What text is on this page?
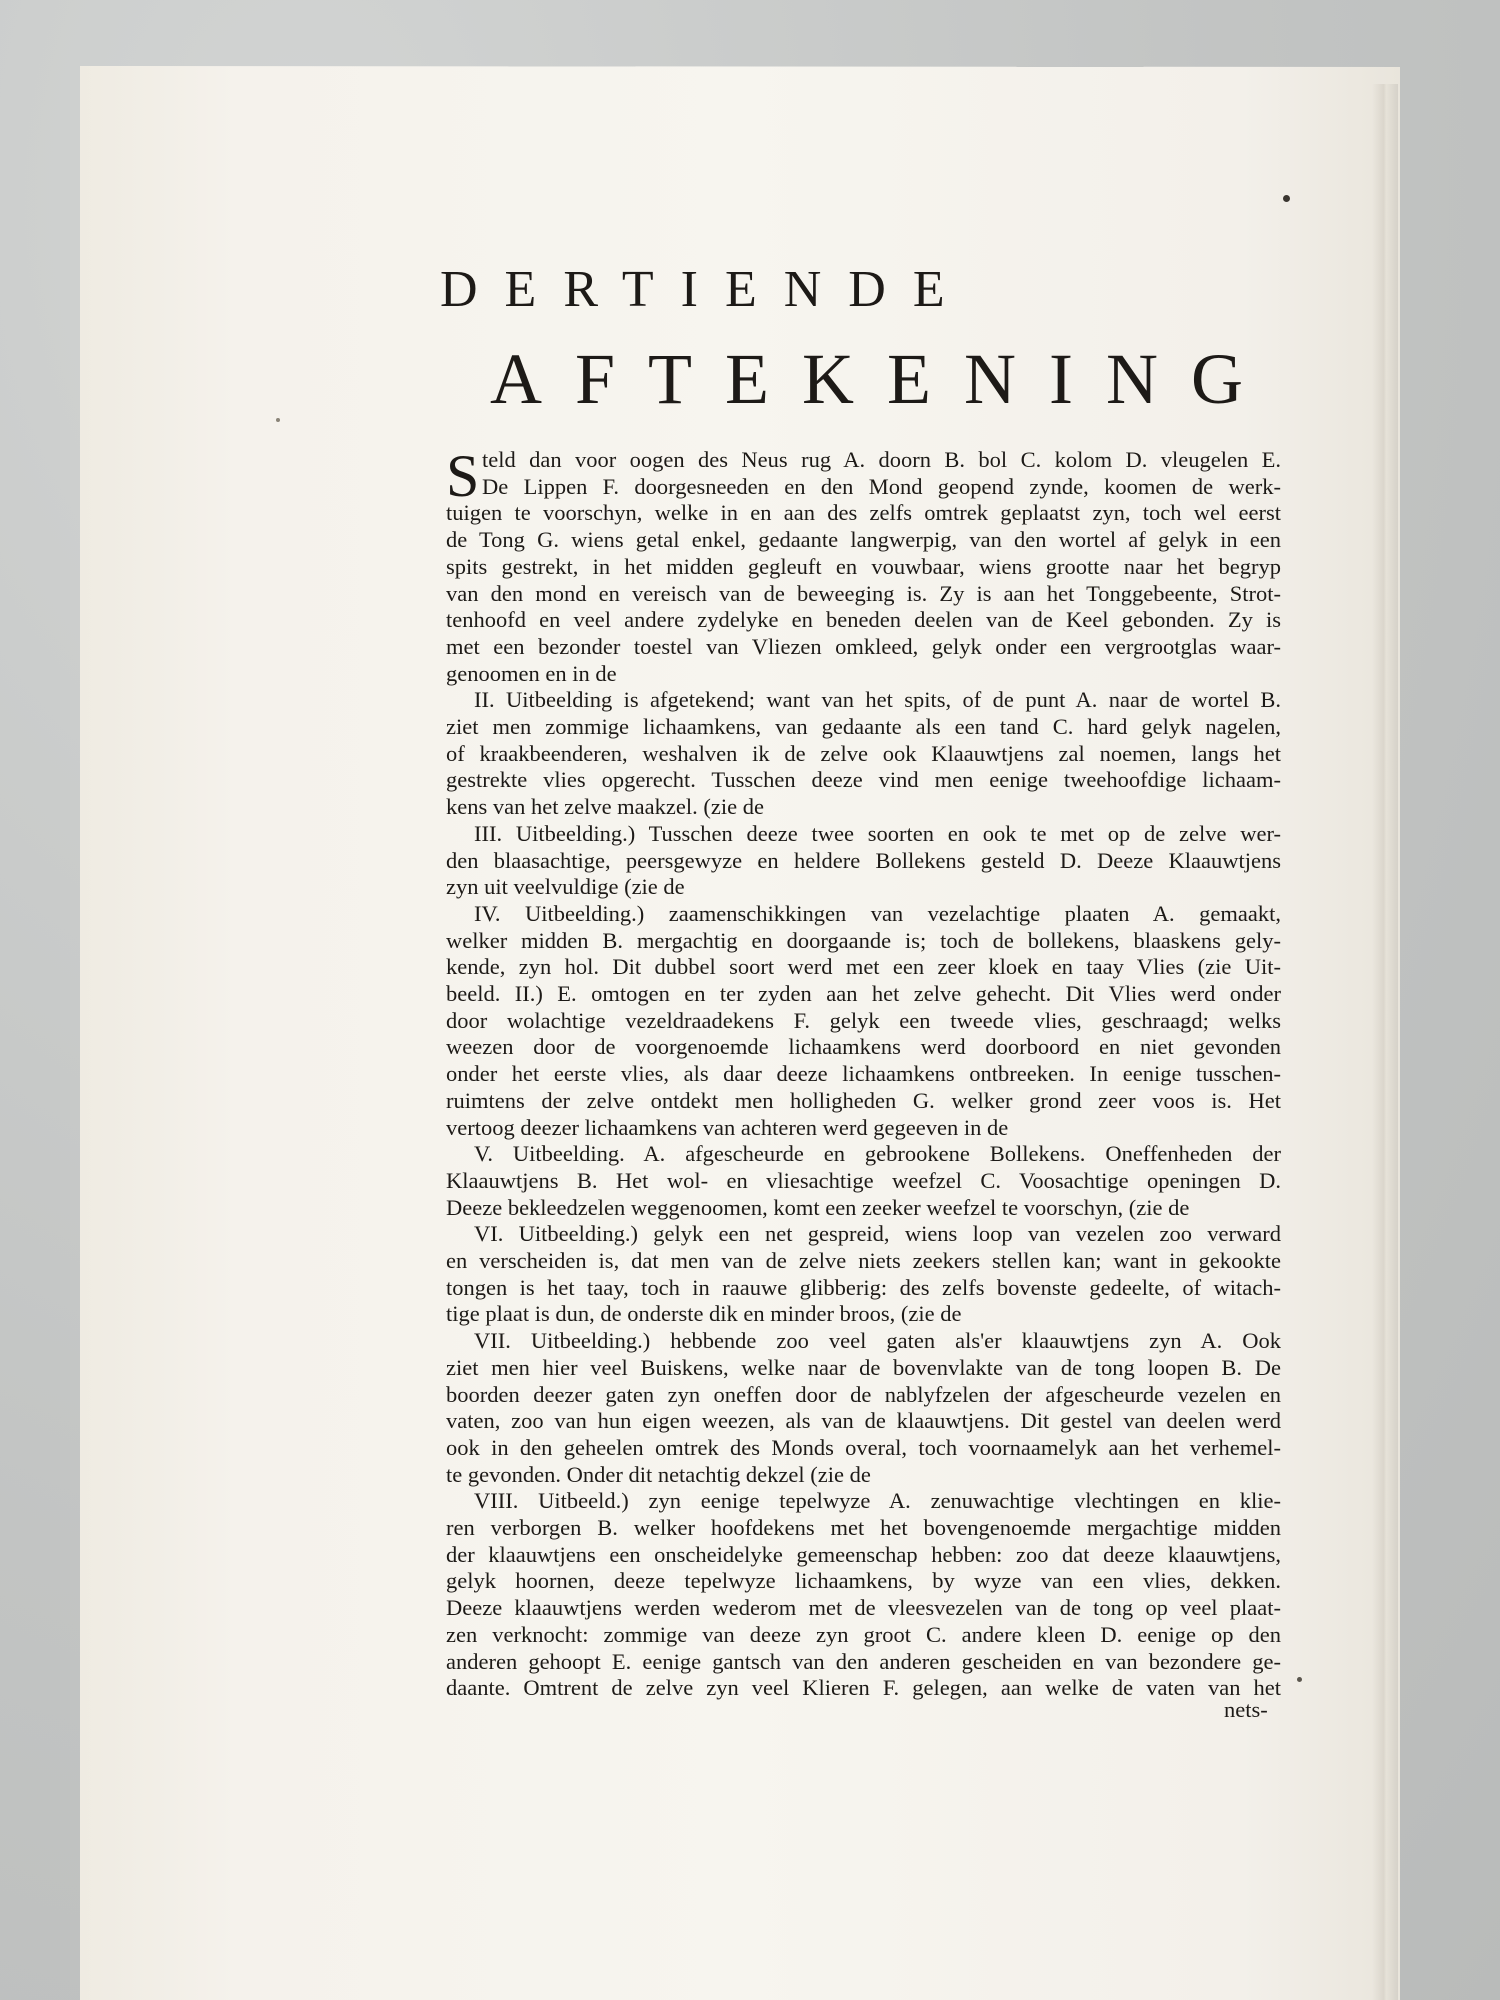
DERTIENDE
AFTEKENING
S teld dan voor oogen des Neus rug A. doorn B. bol C. kolom D. vleugelen E.
De Lippen F. doorgesneeden en den Mond geopend zynde, koomen de werk-
tuigen te voorschyn, welke in en aan des zelfs omtrek geplaatst zyn, toch wel eerst
de Tong G. wiens getal enkel, gedaante langwerpig, van den wortel af gelyk in een
spits gestrekt, in het midden gegleuft en vouwbaar, wiens grootte naar het begryp
van den mond en vereisch van de beweeging is. Zy is aan het Tonggebeente, Strot-
tenhoofd en veel andere zydelyke en beneden deelen van de Keel gebonden. Zy is
met een bezonder toestel van Vliezen omkleed, gelyk onder een vergrootglas waar-
genoomen en in de
II. Uitbeelding is afgetekend; want van het spits, of de punt A. naar de wortel B.
ziet men zommige lichaamkens, van gedaante als een tand C. hard gelyk nagelen,
of kraakbeenderen, weshalven ik de zelve ook Klaauwtjens zal noemen, langs het
gestrekte vlies opgerecht. Tusschen deeze vind men eenige tweehoofdige lichaam-
kens van het zelve maakzel. (zie de
III. Uitbeelding.) Tusschen deeze twee soorten en ook te met op de zelve wer-
den blaasachtige, peersgewyze en heldere Bollekens gesteld D. Deeze Klaauwtjens
zyn uit veelvuldige (zie de
IV. Uitbeelding.) zaamenschikkingen van vezelachtige plaaten A. gemaakt,
welker midden B. mergachtig en doorgaande is; toch de bollekens, blaaskens gely-
kende, zyn hol. Dit dubbel soort werd met een zeer kloek en taay Vlies (zie Uit-
beeld. II.) E. omtogen en ter zyden aan het zelve gehecht. Dit Vlies werd onder
door wolachtige vezeldraadekens F. gelyk een tweede vlies, geschraagd; welks
weezen door de voorgenoemde lichaamkens werd doorboord en niet gevonden
onder het eerste vlies, als daar deeze lichaamkens ontbreeken. In eenige tusschen-
ruimtens der zelve ontdekt men holligheden G. welker grond zeer voos is. Het
vertoog deezer lichaamkens van achteren werd gegeeven in de
V. Uitbeelding. A. afgescheurde en gebrookene Bollekens. Oneffenheden der
Klaauwtjens B. Het wol- en vliesachtige weefzel C. Voosachtige openingen D.
Deeze bekleedzelen weggenoomen, komt een zeeker weefzel te voorschyn, (zie de
VI. Uitbeelding.) gelyk een net gespreid, wiens loop van vezelen zoo verward
en verscheiden is, dat men van de zelve niets zeekers stellen kan; want in gekookte
tongen is het taay, toch in raauwe glibberig: des zelfs bovenste gedeelte, of witach-
tige plaat is dun, de onderste dik en minder broos, (zie de
VII. Uitbeelding.) hebbende zoo veel gaten als'er klaauwtjens zyn A. Ook
ziet men hier veel Buiskens, welke naar de bovenvlakte van de tong loopen B. De
boorden deezer gaten zyn oneffen door de nablyfzelen der afgescheurde vezelen en
vaten, zoo van hun eigen weezen, als van de klaauwtjens. Dit gestel van deelen werd
ook in den geheelen omtrek des Monds overal, toch voornaamelyk aan het verhemel-
te gevonden. Onder dit netachtig dekzel (zie de
VIII. Uitbeeld.) zyn eenige tepelwyze A. zenuwachtige vlechtingen en klie-
ren verborgen B. welker hoofdekens met het bovengenoemde mergachtige midden
der klaauwtjens een onscheidelyke gemeenschap hebben: zoo dat deeze klaauwtjens,
gelyk hoornen, deeze tepelwyze lichaamkens, by wyze van een vlies, dekken.
Deeze klaauwtjens werden wederom met de vleesvezelen van de tong op veel plaat-
zen verknocht: zommige van deeze zyn groot C. andere kleen D. eenige op den
anderen gehoopt E. eenige gantsch van den anderen gescheiden en van bezondere ge-
daante. Omtrent de zelve zyn veel Klieren F. gelegen, aan welke de vaten van het
nets-
